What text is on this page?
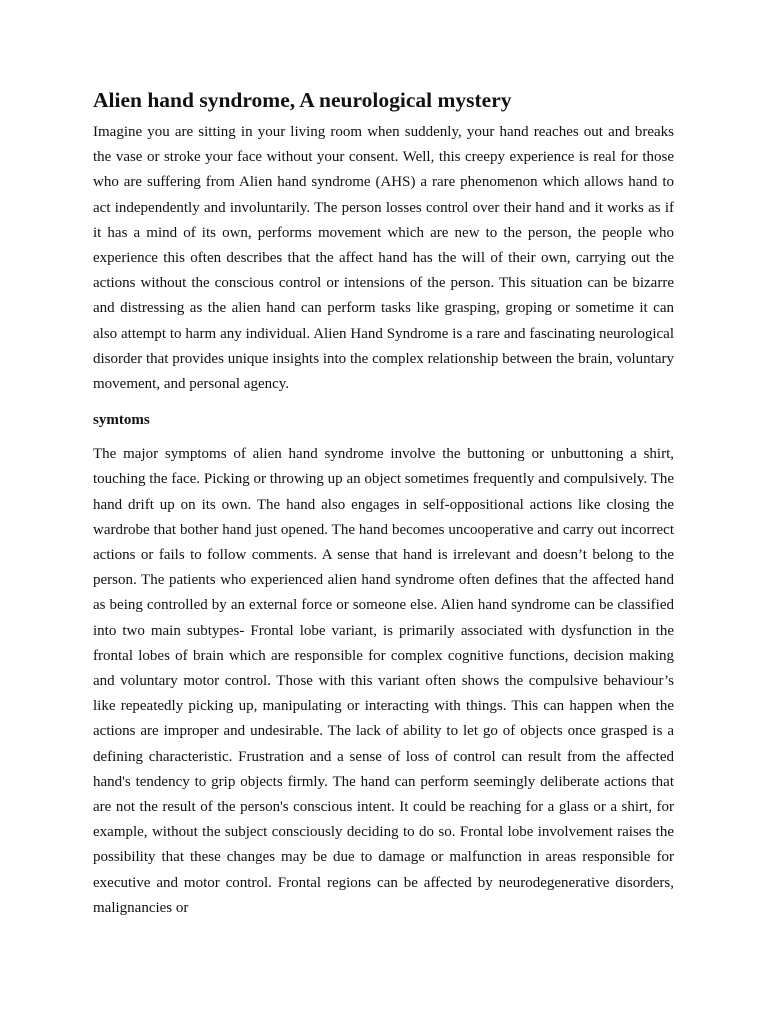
Alien hand syndrome, A neurological mystery

Imagine you are sitting in your living room when suddenly, your hand reaches out and breaks the vase or stroke your face without your consent. Well, this creepy experience is real for those who are suffering from Alien hand syndrome (AHS) a rare phenomenon which allows hand to act independently and involuntarily. The person losses control over their hand and it works as if it has a mind of its own, performs movement which are new to the person, the people who experience this often describes that the affect hand has the will of their own, carrying out the actions without the conscious control or intensions of the person. This situation can be bizarre and distressing as the alien hand can perform tasks like grasping, groping or sometime it can also attempt to harm any individual. Alien Hand Syndrome is a rare and fascinating neurological disorder that provides unique insights into the complex relationship between the brain, voluntary movement, and personal agency.

symtoms

The major symptoms of alien hand syndrome involve the buttoning or unbuttoning a shirt, touching the face. Picking or throwing up an object sometimes frequently and compulsively. The hand drift up on its own. The hand also engages in self-oppositional actions like closing the wardrobe that bother hand just opened. The hand becomes uncooperative and carry out incorrect actions or fails to follow comments. A sense that hand is irrelevant and doesn’t belong to the person. The patients who experienced alien hand syndrome often defines that the affected hand as being controlled by an external force or someone else. Alien hand syndrome can be classified into two main subtypes- Frontal lobe variant, is primarily associated with dysfunction in the frontal lobes of brain which are responsible for complex cognitive functions, decision making and voluntary motor control. Those with this variant often shows the compulsive behaviour’s like repeatedly picking up, manipulating or interacting with things. This can happen when the actions are improper and undesirable. The lack of ability to let go of objects once grasped is a defining characteristic. Frustration and a sense of loss of control can result from the affected hand's tendency to grip objects firmly. The hand can perform seemingly deliberate actions that are not the result of the person's conscious intent. It could be reaching for a glass or a shirt, for example, without the subject consciously deciding to do so. Frontal lobe involvement raises the possibility that these changes may be due to damage or malfunction in areas responsible for executive and motor control. Frontal regions can be affected by neurodegenerative disorders, malignancies or
